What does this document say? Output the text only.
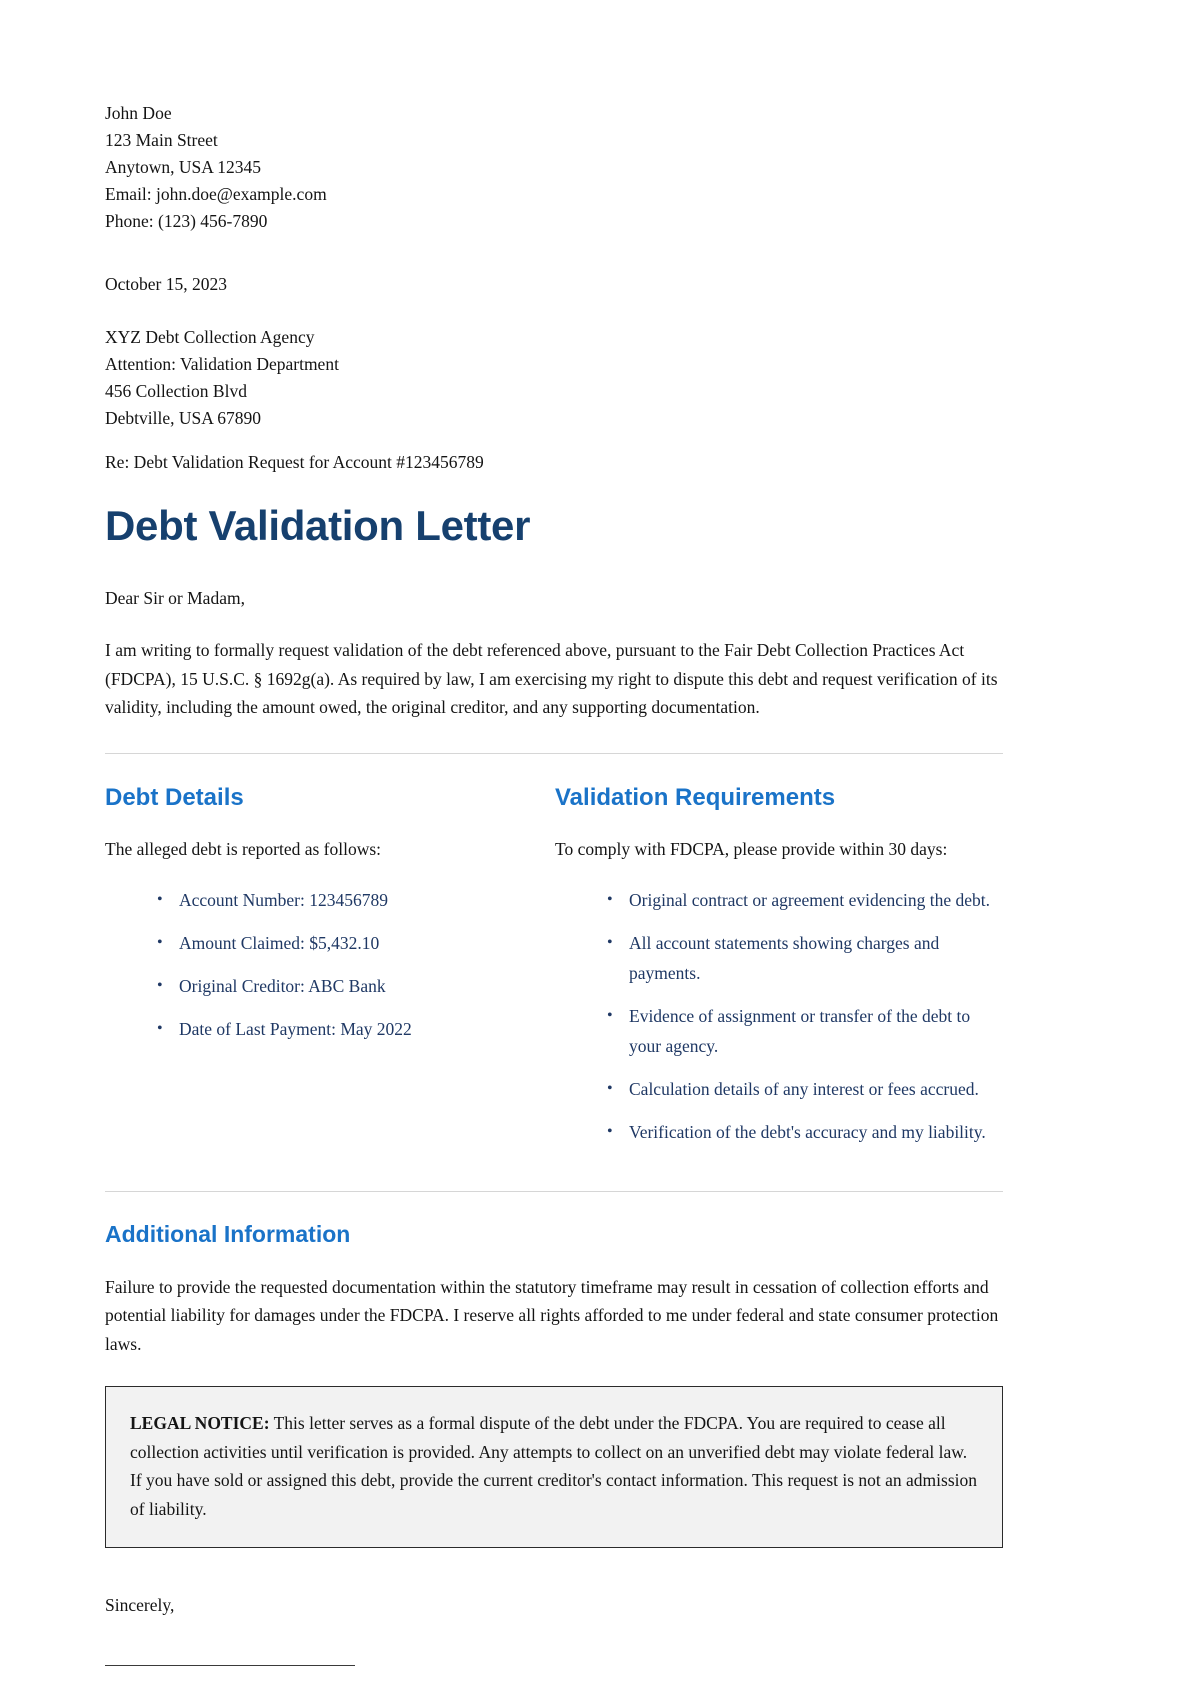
John Doe
123 Main Street
Anytown, USA 12345
Email: john.doe@example.com
Phone: (123) 456-7890
October 15, 2023
XYZ Debt Collection Agency
Attention: Validation Department
456 Collection Blvd
Debtville, USA 67890
Re: Debt Validation Request for Account #123456789
Debt Validation Letter
Dear Sir or Madam,

I am writing to formally request validation of the debt referenced above, pursuant to the Fair Debt Collection Practices Act (FDCPA), 15 U.S.C. § 1692g(a). As required by law, I am exercising my right to dispute this debt and request verification of its validity, including the amount owed, the original creditor, and any supporting documentation.

Debt Details
The alleged debt is reported as follows:
• Account Number: 123456789
• Amount Claimed: $5,432.10
• Original Creditor: ABC Bank
• Date of Last Payment: May 2022
Validation Requirements
To comply with FDCPA, please provide within 30 days:
• Original contract or agreement evidencing the debt.
• All account statements showing charges and payments.
• Evidence of assignment or transfer of the debt to your agency.
• Calculation details of any interest or fees accrued.
• Verification of the debt's accuracy and my liability.
Additional Information

Failure to provide the requested documentation within the statutory timeframe may result in cessation of collection efforts and potential liability for damages under the FDCPA. I reserve all rights afforded to me under federal and state consumer protection laws.

LEGAL NOTICE: This letter serves as a formal dispute of the debt under the FDCPA. You are required to cease all collection activities until verification is provided. Any attempts to collect on an unverified debt may violate federal law. If you have sold or assigned this debt, provide the current creditor's contact information. This request is not an admission of liability.

Sincerely,
